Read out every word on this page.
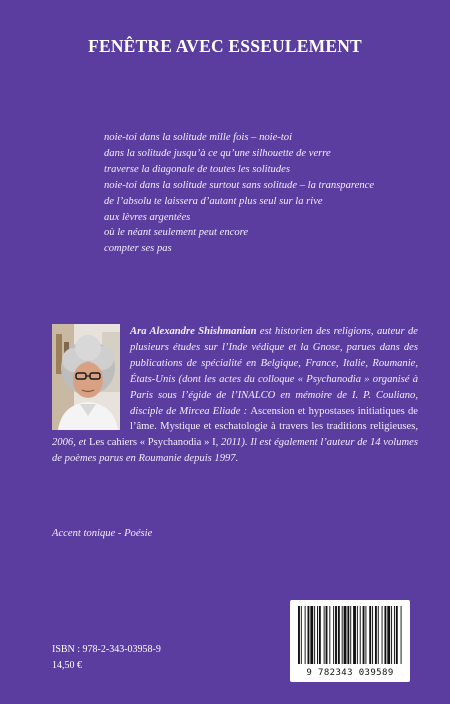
FENÊTRE AVEC ESSEULEMENT
noie-toi dans la solitude mille fois – noie-toi
dans la solitude jusqu’à ce qu’une silhouette de verre
traverse la diagonale de toutes les solitudes
noie-toi dans la solitude surtout sans solitude – la transparence
de l’absolu te laissera d’autant plus seul sur la rive
aux lèvres argentées
où le néant seulement peut encore
compter ses pas
Ara Alexandre Shishmanian est historien des religions, auteur de plusieurs études sur l’Inde védique et la Gnose, parues dans des publications de spécialité en Belgique, France, Italie, Roumanie, États-Unis (dont les actes du colloque « Psychanodia » organisé à Paris sous l’égide de l’INALCO en mémoire de I. P. Couliano, disciple de Mircea Eliade : Ascension et hypostases initiatiques de l’âme. Mystique et eschatologie à travers les traditions religieuses, 2006, et Les cahiers « Psychanodia » I, 2011). Il est également l’auteur de 14 volumes de poèmes parus en Roumanie depuis 1997.
Accent tonique - Poésie
ISBN : 978-2-343-03958-9
14,50 €
9 782343 039589
